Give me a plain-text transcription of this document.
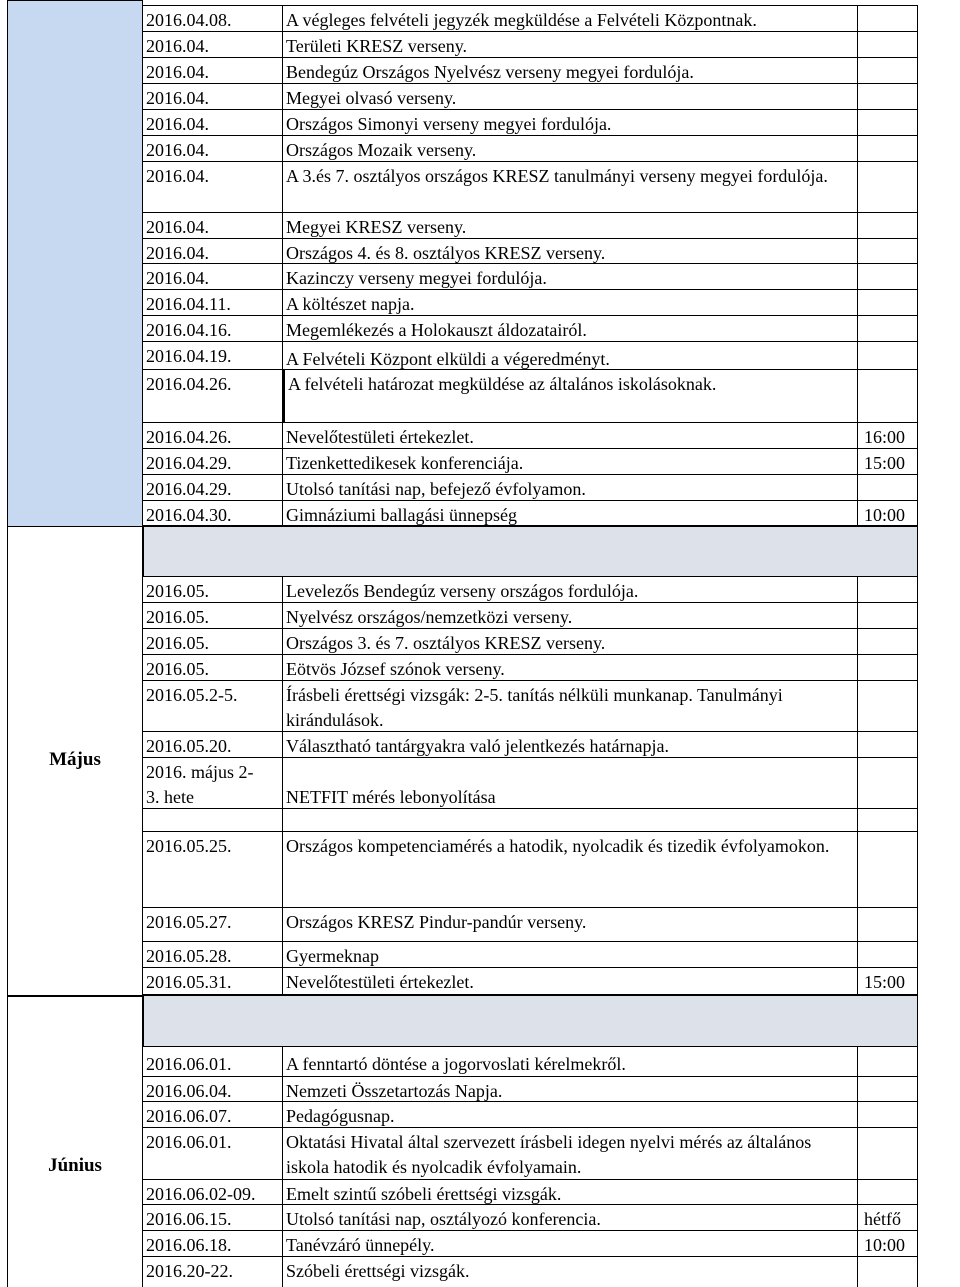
Május
Június
2016.04.08.	A végleges felvételi jegyzék megküldése a Felvételi Központnak.
2016.04.	Területi KRESZ verseny.
2016.04.	Bendegúz Országos Nyelvész verseny megyei fordulója.
2016.04.	Megyei olvasó verseny.
2016.04.	Országos Simonyi verseny megyei fordulója.
2016.04.	Országos Mozaik verseny.
2016.04.	A 3.és 7. osztályos országos KRESZ tanulmányi verseny megyei fordulója.
2016.04.	Megyei KRESZ verseny.
2016.04.	Országos 4. és 8. osztályos KRESZ verseny.
2016.04.	Kazinczy verseny megyei fordulója.
2016.04.11.	A költészet napja.
2016.04.16.	Megemlékezés a Holokauszt áldozatairól.
2016.04.19.	A Felvételi Központ elküldi a végeredményt.
2016.04.26.	A felvételi határozat megküldése az általános iskolásoknak.
2016.04.26.	Nevelőtestületi értekezlet.	16:00
2016.04.29.	Tizenkettedikesek konferenciája.	15:00
2016.04.29.	Utolsó tanítási nap, befejező évfolyamon.
2016.04.30.	Gimnáziumi ballagási ünnepség	10:00
2016.05.	Levelezős Bendegúz verseny országos fordulója.
2016.05.	Nyelvész országos/nemzetközi verseny.
2016.05.	Országos 3. és 7. osztályos KRESZ verseny.
2016.05.	Eötvös József szónok verseny.
2016.05.2-5.	Írásbeli érettségi vizsgák: 2-5. tanítás nélküli munkanap. Tanulmányi kirándulások.
2016.05.20.	Választható tantárgyakra való jelentkezés határnapja.
2016. május 2-3. hete	NETFIT mérés lebonyolítása
2016.05.25.	Országos kompetenciamérés a hatodik, nyolcadik és tizedik évfolyamokon.
2016.05.27.	Országos KRESZ Pindur-pandúr verseny.
2016.05.28.	Gyermeknap
2016.05.31.	Nevelőtestületi értekezlet.	15:00
2016.06.01.	A fenntartó döntése a jogorvoslati kérelmekről.
2016.06.04.	Nemzeti Összetartozás Napja.
2016.06.07.	Pedagógusnap.
2016.06.01.	Oktatási Hivatal által szervezett írásbeli idegen nyelvi mérés az általános iskola hatodik és nyolcadik évfolyamain.
2016.06.02-09.	Emelt szintű szóbeli érettségi vizsgák.
2016.06.15.	Utolsó tanítási nap, osztályozó konferencia.	hétfő
2016.06.18.	Tanévzáró ünnepély.	10:00
2016.20-22.	Szóbeli érettségi vizsgák.
